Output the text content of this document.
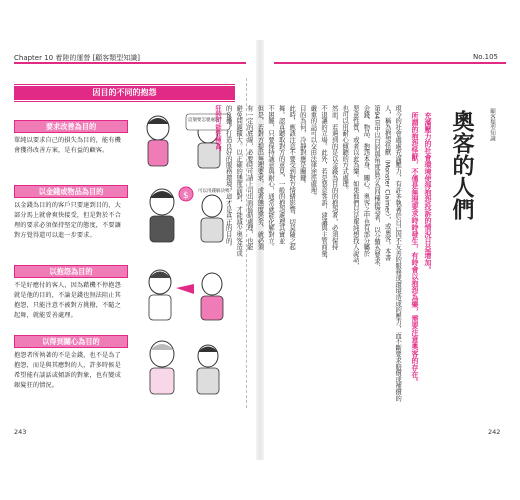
Chapter 10 着陸的運營 [顧客類型知識]
因目的不同的抱怨
要求改善為目的
單純以要求自己的損失為目的，能有機會獲得改善方案，是有益的顧客。
以金錢或物品為目的
以金錢為目的的客戶只要達到目的，大部分馬上就會爽快接受，但是對於不合理的要求必須保持堅定的態度，不要讓對方覺得還可以進一步要求。
以抱怨為目的
不是好應付的客人，因為藉機不停抱怨就是他的目的，不論是錢也無法阻止其抱怨，只能注意不被對方挑撥，不隨之起舞，就能妥善處理。
以得到關心為目的
抱怨者所執著的不是金錢，也不是為了抱怨，而是與其應對的人，許多時候是希望能有談話或傾訴的對象，也有變成銀髮狂的情況。
這個要怎麼處理？
$ 可以用錢解決嗎？
243
No.105
顧客類型知識
奧客的人們
充滿壓力的社會環境使得抱怨投訴的情況日益增加。
所謂的抱怨怪獸，不僅是無理要求時時發生，有時會以抱怨為樂，需要注意奧客的存在。
現今的社會處處充滿壓力，有許多執著於自己因不友善的服務或環境造成的壓力，而不斷要求賠償或補償的
人，稱為抱怨怪獸（Monster Claimer），或奧客。本書
第94頁中以目的與角度區分為四種抱怨者，以分類為要求、
金錢、物品、抱怨本身、關心。奧客之中也有部分屬於
惡意性質，或者以此為樂。如果他們只是單純想找人說話，
也可以用耐心傾聽的方式處理。
然而，若遇到的是以金錢為目的的抱怨者，必須保持
不退讓的立場。此外，若是惡意客訴，建議與主管商量，
嚴重的話可以交由法律途徑處理。
目的為何，冷靜對應是關鍵。
此時，應該注意不要受到對方情緒影響，切莫隨之起
舞。認真聽取對方的意見，一般的抱怨處理其實並
不困難，只要保持誠意與耐心，通常就能化解對立。
但是，若對方提出無理要求，或者態度惡劣，就必須
有一定的底線，必要時可請上司出面協助處理，也能
避免問題擴大。以正確的態度面對，才能減少奧客造成
的負擔，打造良好的服務環境，這才是真正的目的。
狂的可能性極高。
242
